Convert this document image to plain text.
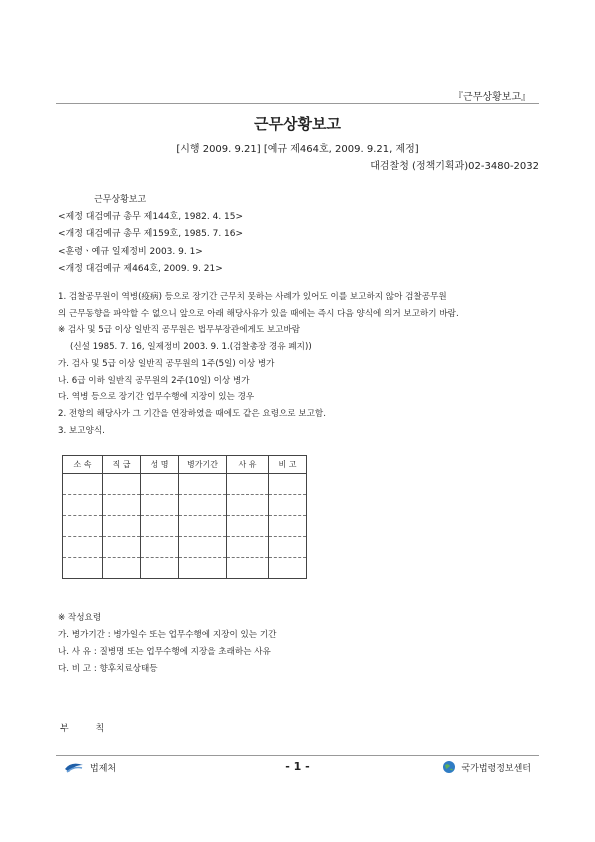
『근무상황보고』
근무상황보고
[시행 2009. 9.21] [예규 제464호, 2009. 9.21, 제정]
대검찰청 (정책기획과)02-3480-2032
근무상황보고
<제정 대검예규 총무 제144호, 1982. 4. 15>
<개정 대검예규 총무 제159호, 1985. 7. 16>
<훈령ㆍ예규 일제정비 2003. 9. 1>
<개정 대검예규 제464호, 2009. 9. 21>
1. 검찰공무원이 역병(疫病) 등으로 장기간 근무치 못하는 사례가 있어도 이를 보고하지 않아 검찰공무원
의 근무동향을 파악할 수 없으니 앞으로 아래 해당사유가 있을 때에는 즉시 다음 양식에 의거 보고하기 바람.
※ 검사 및 5급 이상 일반직 공무원은 법무부장관에게도 보고바람
(신설 1985. 7. 16, 일제정비 2003. 9. 1.(검찰총장 경유 폐지))
가. 검사 및 5급 이상 일반직 공무원의 1주(5일) 이상 병가
나. 6급 이하 일반직 공무원의 2주(10일) 이상 병가
다. 역병 등으로 장기간 업무수행에 지장이 있는 경우
2. 전항의 해당사가 그 기간을 연장하였을 때에도 같은 요령으로 보고함.
3. 보고양식.
소 속	직 급	성 명	병가기간	사 유	비 고

※ 작성요령
가. 병가기간 : 병가일수 또는 업무수행에 지장이 있는 기간
나. 사 유 : 질병명 또는 업무수행에 지장을 초래하는 사유
다. 비 고 : 향후치료상태등
부 칙
법제처	- 1 -	국가법령정보센터
